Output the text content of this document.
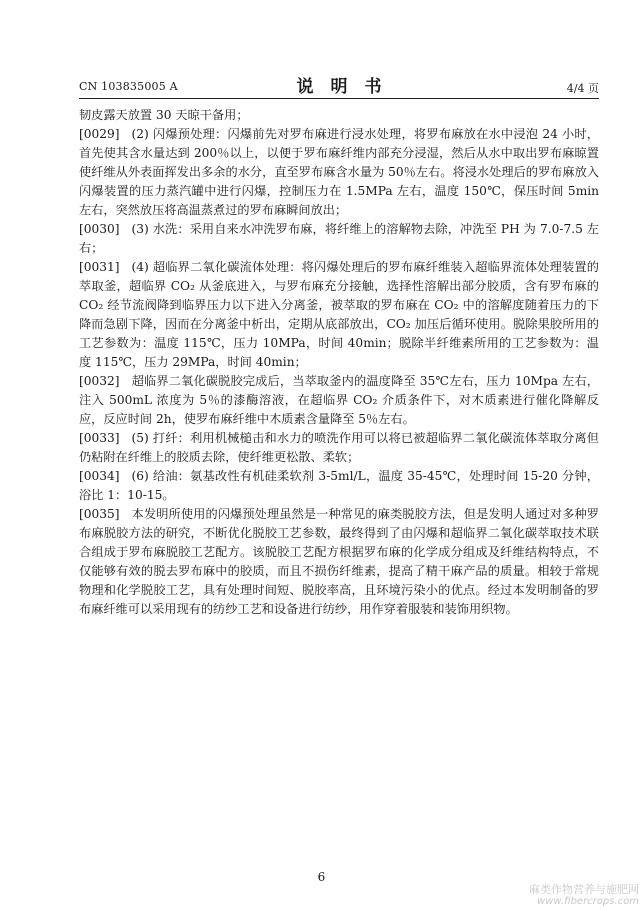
CN 103835005 A	说　明　书	4/4 页

韧皮露天放置 30 天晾干备用；

[0029] (2) 闪爆预处理：闪爆前先对罗布麻进行浸水处理，将罗布麻放在水中浸泡 24 小时，首先使其含水量达到 200％以上，以便于罗布麻纤维内部充分浸湿，然后从水中取出罗布麻晾置使纤维从外表面挥发出多余的水分，直至罗布麻含水量为 50％左右。将浸水处理后的罗布麻放入闪爆装置的压力蒸汽罐中进行闪爆，控制压力在 1.5MPa 左右，温度 150℃，保压时间 5min 左右，突然放压将高温蒸煮过的罗布麻瞬间放出；

[0030] (3) 水洗：采用自来水冲洗罗布麻，将纤维上的溶解物去除，冲洗至 PH 为 7.0-7.5 左右；

[0031] (4) 超临界二氧化碳流体处理：将闪爆处理后的罗布麻纤维装入超临界流体处理装置的萃取釜，超临界 CO₂ 从釜底进入，与罗布麻充分接触，选择性溶解出部分胶质，含有罗布麻的 CO₂ 经节流阀降到临界压力以下进入分离釜，被萃取的罗布麻在 CO₂ 中的溶解度随着压力的下降而急剧下降，因而在分离釜中析出，定期从底部放出，CO₂ 加压后循环使用。脱除果胶所用的工艺参数为：温度 115℃，压力 10MPa，时间 40min；脱除半纤维素所用的工艺参数为：温度 115℃，压力 29MPa，时间 40min；

[0032] 超临界二氧化碳脱胶完成后，当萃取釜内的温度降至 35℃左右，压力 10Mpa 左右，注入 500mL 浓度为 5％的漆酶溶液，在超临界 CO₂ 介质条件下，对木质素进行催化降解反应，反应时间 2h，使罗布麻纤维中木质素含量降至 5％左右。

[0033] (5) 打纤：利用机械槌击和水力的喷洗作用可以将已被超临界二氧化碳流体萃取分离但仍粘附在纤维上的胶质去除，使纤维更松散、柔软；

[0034] (6) 给油：氨基改性有机硅柔软剂 3-5ml/L，温度 35-45℃，处理时间 15-20 分钟，浴比 1：10-15。

[0035] 本发明所使用的闪爆预处理虽然是一种常见的麻类脱胶方法，但是发明人通过对多种罗布麻脱胶方法的研究，不断优化脱胶工艺参数，最终得到了由闪爆和超临界二氧化碳萃取技术联合组成于罗布麻脱胶工艺配方。该脱胶工艺配方根据罗布麻的化学成分组成及纤维结构特点，不仅能够有效的脱去罗布麻中的胶质，而且不损伤纤维素，提高了精干麻产品的质量。相较于常规物理和化学脱胶工艺，具有处理时间短、脱胶率高，且环境污染小的优点。经过本发明制备的罗布麻纤维可以采用现有的纺纱工艺和设备进行纺纱，用作穿着服装和装饰用织物。

6
麻类作物营养与施肥网
www.fibercrops.com
